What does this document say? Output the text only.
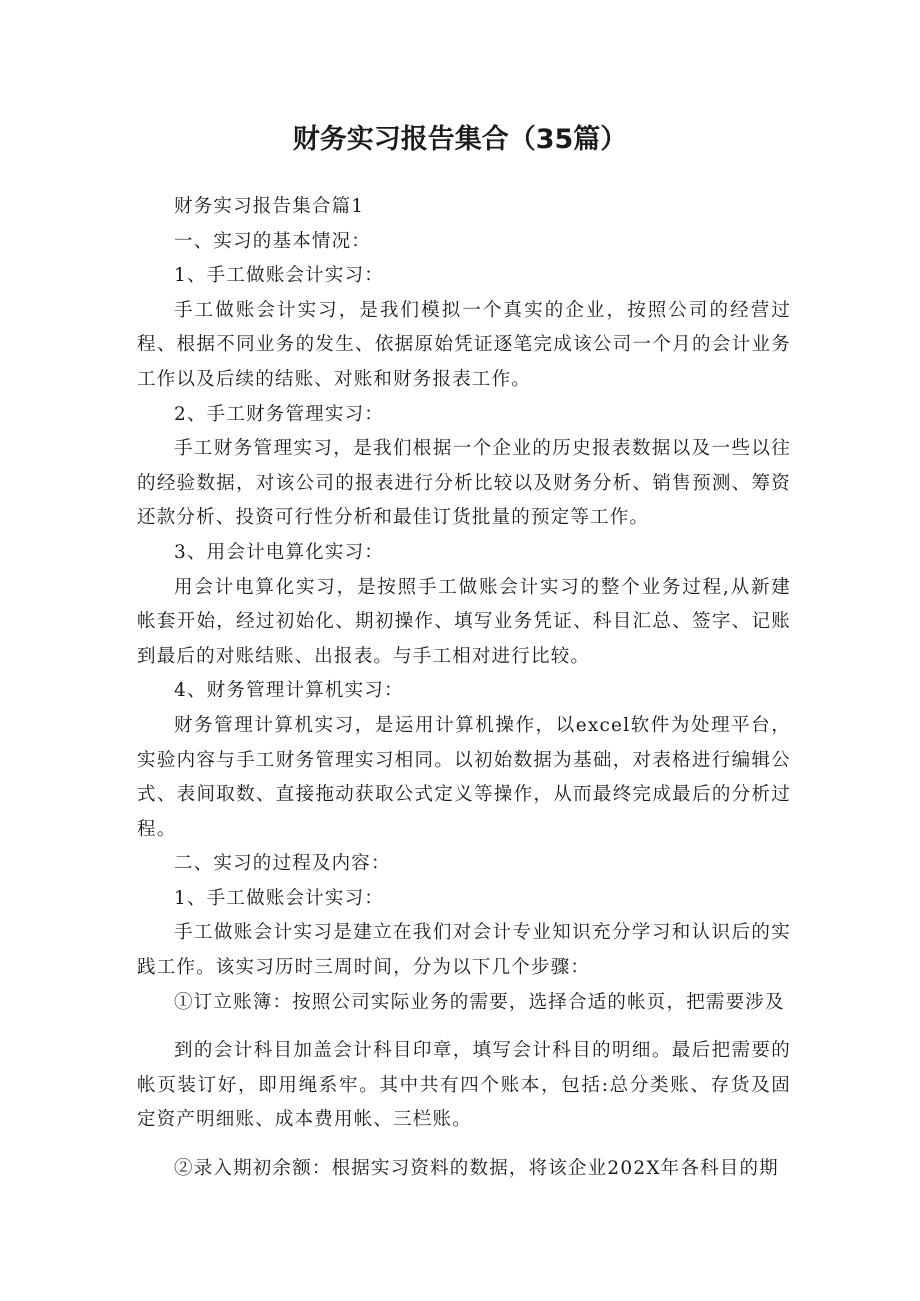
财务实习报告集合（35篇）

财务实习报告集合篇1

一、实习的基本情况：

1、手工做账会计实习：

手工做账会计实习，是我们模拟一个真实的企业，按照公司的经营过程、根据不同业务的发生、依据原始凭证逐笔完成该公司一个月的会计业务工作以及后续的结账、对账和财务报表工作。

2、手工财务管理实习：

手工财务管理实习，是我们根据一个企业的历史报表数据以及一些以往的经验数据，对该公司的报表进行分析比较以及财务分析、销售预测、筹资还款分析、投资可行性分析和最佳订货批量的预定等工作。

3、用会计电算化实习：

用会计电算化实习，是按照手工做账会计实习的整个业务过程,从新建帐套开始，经过初始化、期初操作、填写业务凭证、科目汇总、签字、记账到最后的对账结账、出报表。与手工相对进行比较。

4、财务管理计算机实习：

财务管理计算机实习，是运用计算机操作，以excel软件为处理平台，实验内容与手工财务管理实习相同。以初始数据为基础，对表格进行编辑公式、表间取数、直接拖动获取公式定义等操作，从而最终完成最后的分析过程。

二、实习的过程及内容：

1、手工做账会计实习：

手工做账会计实习是建立在我们对会计专业知识充分学习和认识后的实践工作。该实习历时三周时间，分为以下几个步骤：

①订立账簿：按照公司实际业务的需要，选择合适的帐页，把需要涉及

到的会计科目加盖会计科目印章，填写会计科目的明细。最后把需要的帐页装订好，即用绳系牢。其中共有四个账本，包括:总分类账、存货及固定资产明细账、成本费用帐、三栏账。

②录入期初余额：根据实习资料的数据，将该企业202X年各科目的期
